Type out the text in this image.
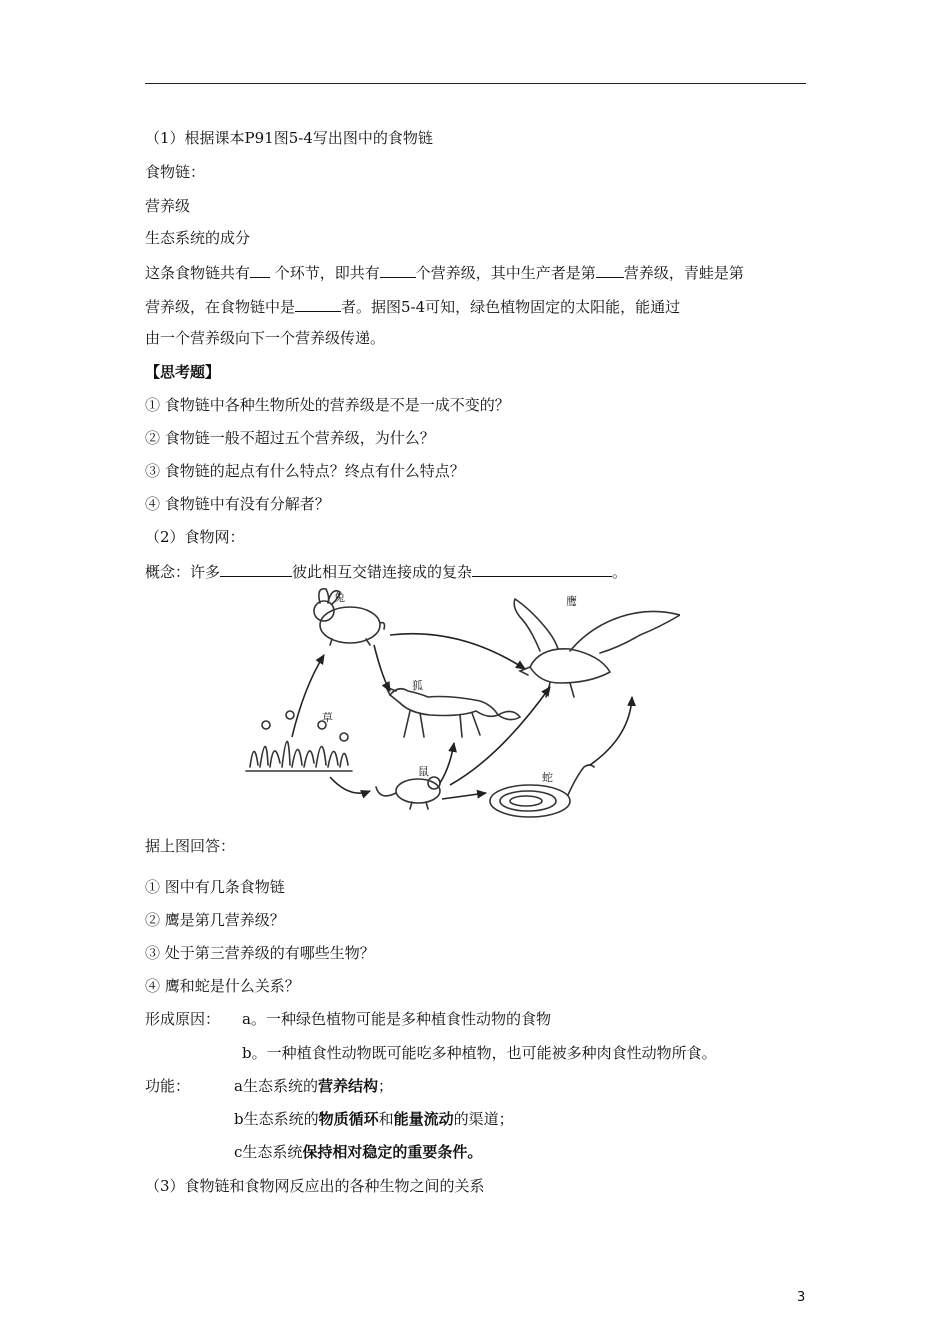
（1）根据课本P91图5-4写出图中的食物链
食物链：
营养级
生态系统的成分
这条食物链共有 个环节，即共有 个营养级，其中生产者是第 营养级，青蛙是第
营养级，在食物链中是	者。据图5-4可知，绿色植物固定的太阳能，能通过
由一个营养级向下一个营养级传递。
【思考题】
① 食物链中各种生物所处的营养级是不是一成不变的？
② 食物链一般不超过五个营养级，为什么？
③ 食物链的起点有什么特点？终点有什么特点？
④ 食物链中有没有分解者？
（2）食物网：
概念：许多	彼此相互交错连接成的复杂	。
兔	鹰
狐
草
鼠	蛇
据上图回答：
① 图中有几条食物链
② 鹰是第几营养级？
③ 处于第三营养级的有哪些生物？
④ 鹰和蛇是什么关系？
形成原因： a。一种绿色植物可能是多种植食性动物的食物
b。一种植食性动物既可能吃多种植物，也可能被多种肉食性动物所食。
功能：	a生态系统的营养结构；
b生态系统的物质循环和能量流动的渠道；
c生态系统保持相对稳定的重要条件。
（3）食物链和食物网反应出的各种生物之间的关系
3
